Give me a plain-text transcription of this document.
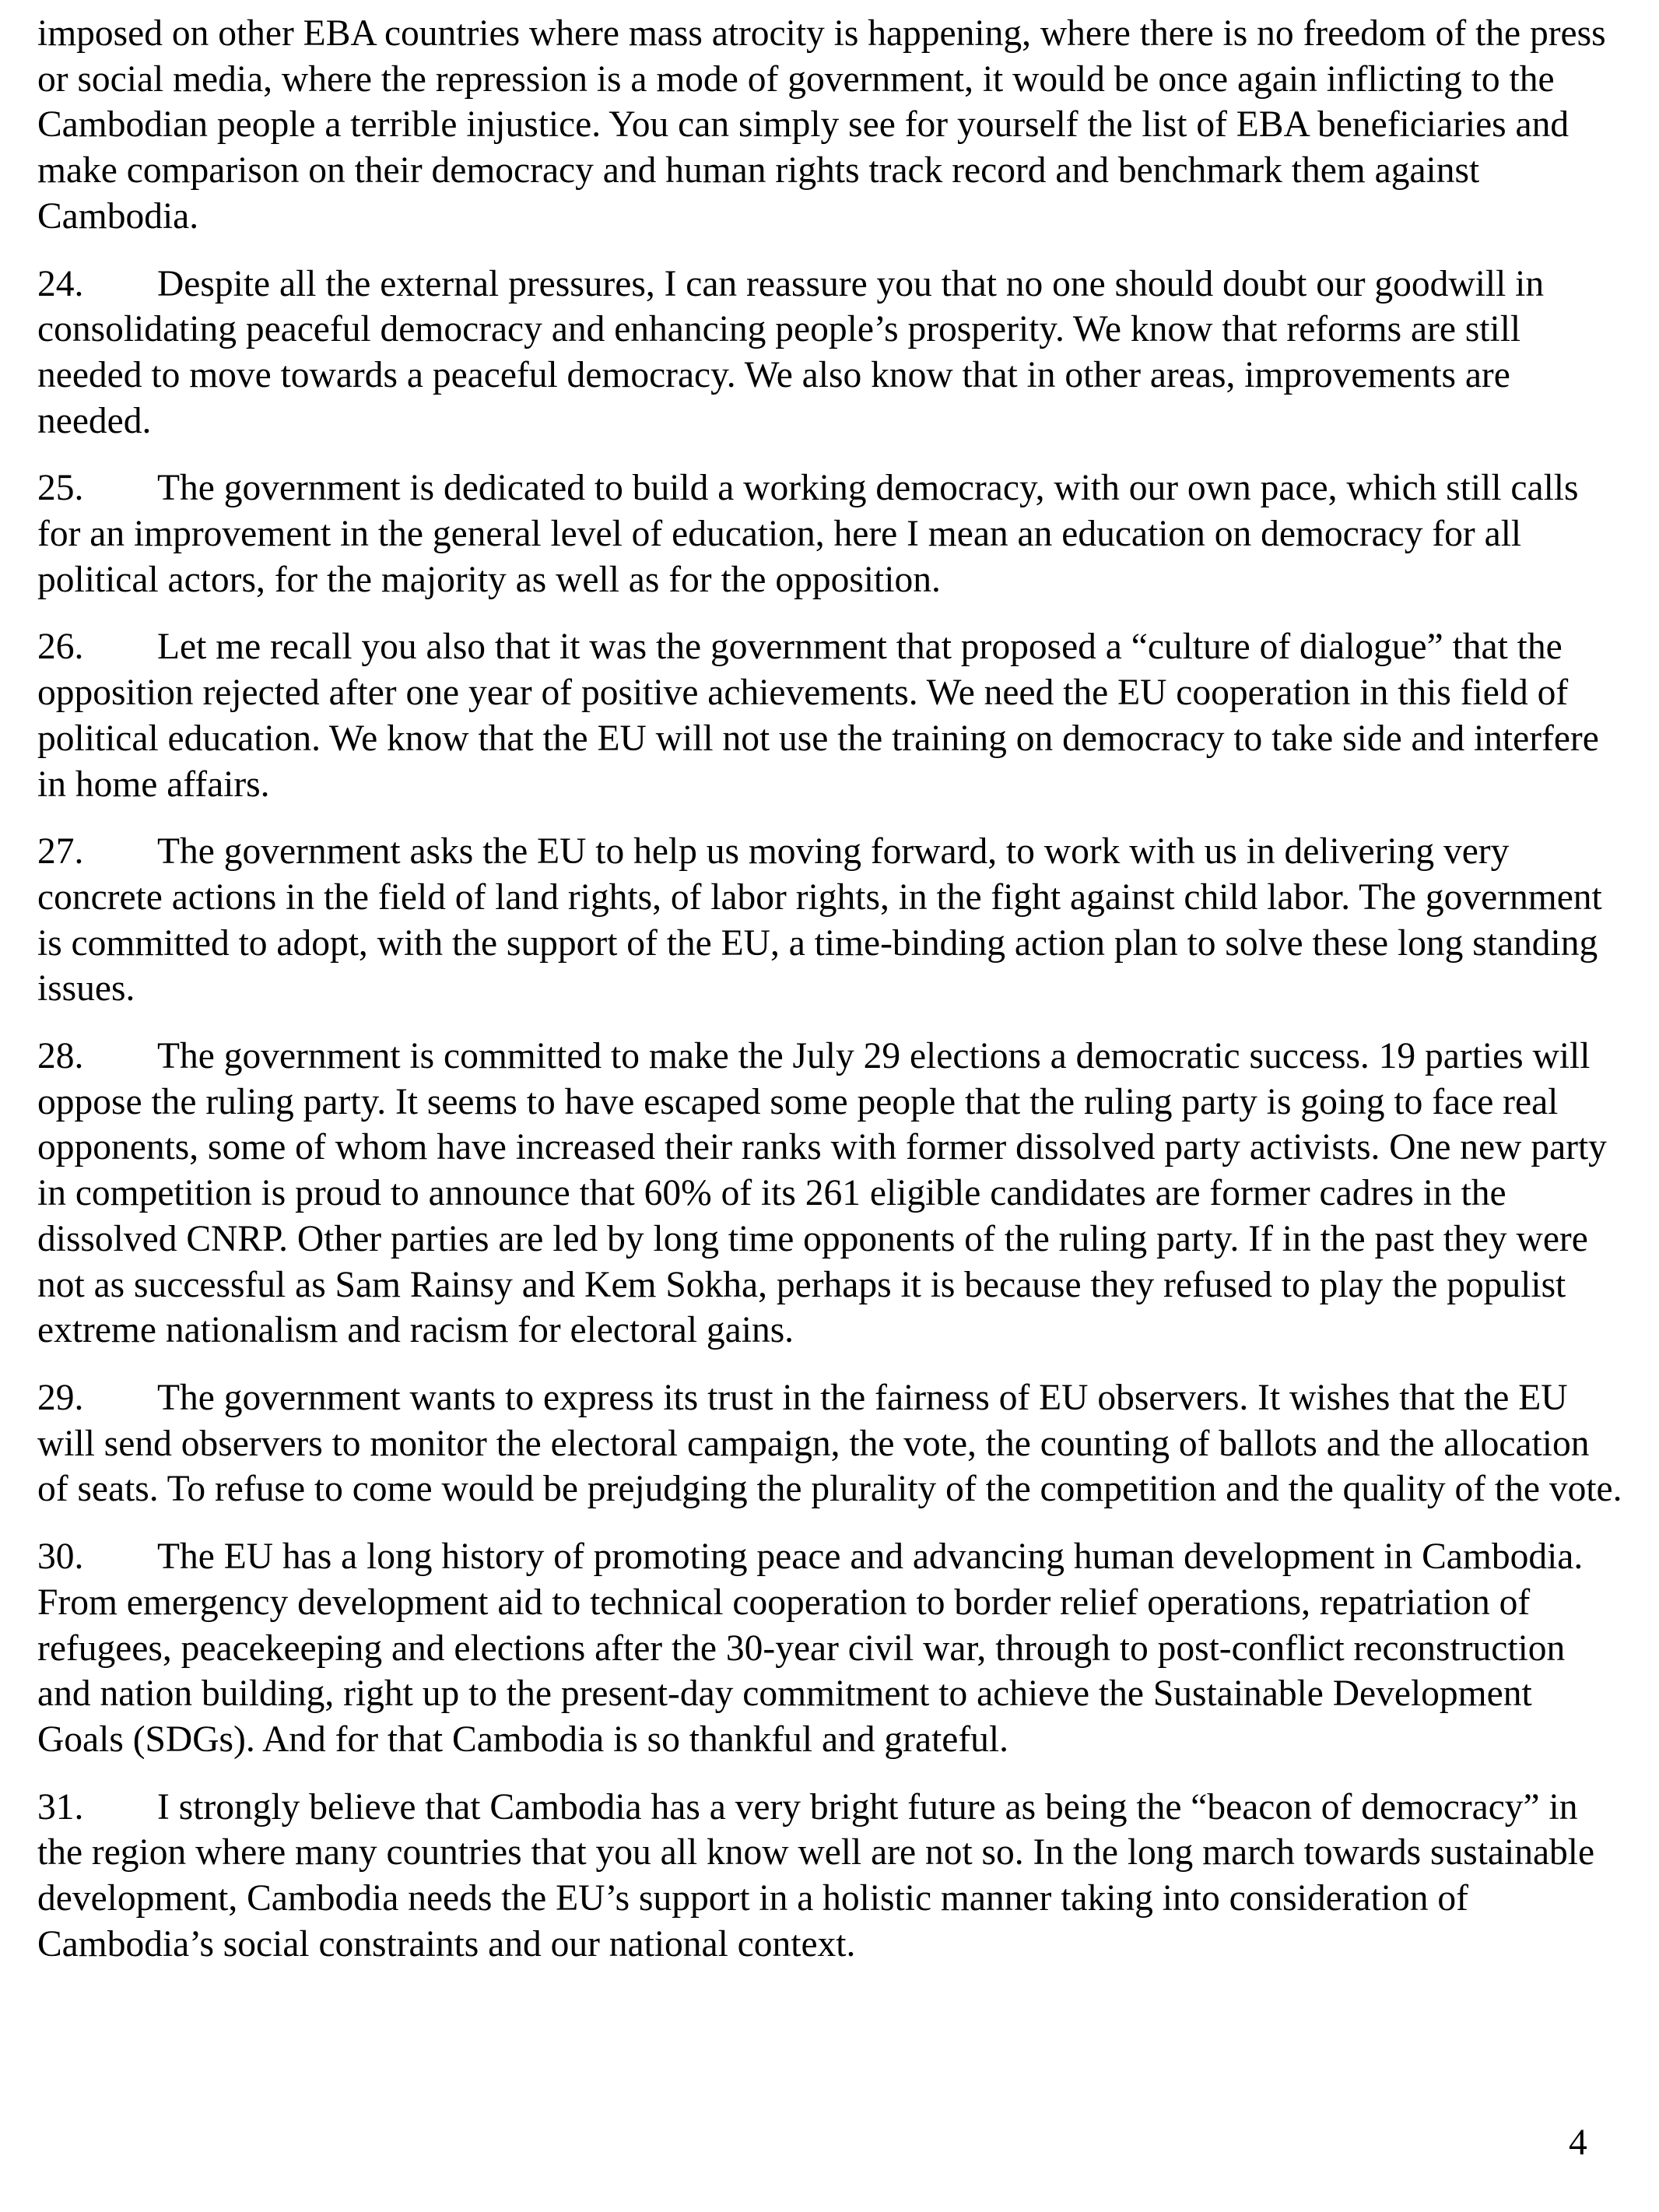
imposed on other EBA countries where mass atrocity is happening, where there is no freedom of the press or social media, where the repression is a mode of government, it would be once again inflicting to the Cambodian people a terrible injustice. You can simply see for yourself the list of EBA beneficiaries and make comparison on their democracy and human rights track record and benchmark them against Cambodia.

24. Despite all the external pressures, I can reassure you that no one should doubt our goodwill in consolidating peaceful democracy and enhancing people’s prosperity. We know that reforms are still needed to move towards a peaceful democracy. We also know that in other areas, improvements are needed.

25. The government is dedicated to build a working democracy, with our own pace, which still calls for an improvement in the general level of education, here I mean an education on democracy for all political actors, for the majority as well as for the opposition.

26. Let me recall you also that it was the government that proposed a “culture of dialogue” that the opposition rejected after one year of positive achievements. We need the EU cooperation in this field of political education. We know that the EU will not use the training on democracy to take side and interfere in home affairs.

27. The government asks the EU to help us moving forward, to work with us in delivering very concrete actions in the field of land rights, of labor rights, in the fight against child labor. The government is committed to adopt, with the support of the EU, a time-binding action plan to solve these long standing issues.

28. The government is committed to make the July 29 elections a democratic success. 19 parties will oppose the ruling party. It seems to have escaped some people that the ruling party is going to face real opponents, some of whom have increased their ranks with former dissolved party activists. One new party in competition is proud to announce that 60% of its 261 eligible candidates are former cadres in the dissolved CNRP. Other parties are led by long time opponents of the ruling party. If in the past they were not as successful as Sam Rainsy and Kem Sokha, perhaps it is because they refused to play the populist extreme nationalism and racism for electoral gains.

29. The government wants to express its trust in the fairness of EU observers. It wishes that the EU will send observers to monitor the electoral campaign, the vote, the counting of ballots and the allocation of seats. To refuse to come would be prejudging the plurality of the competition and the quality of the vote.

30. The EU has a long history of promoting peace and advancing human development in Cambodia. From emergency development aid to technical cooperation to border relief operations, repatriation of refugees, peacekeeping and elections after the 30-year civil war, through to post-conflict reconstruction and nation building, right up to the present-day commitment to achieve the Sustainable Development Goals (SDGs). And for that Cambodia is so thankful and grateful.

31. I strongly believe that Cambodia has a very bright future as being the “beacon of democracy” in the region where many countries that you all know well are not so. In the long march towards sustainable development, Cambodia needs the EU’s support in a holistic manner taking into consideration of Cambodia’s social constraints and our national context.

4
